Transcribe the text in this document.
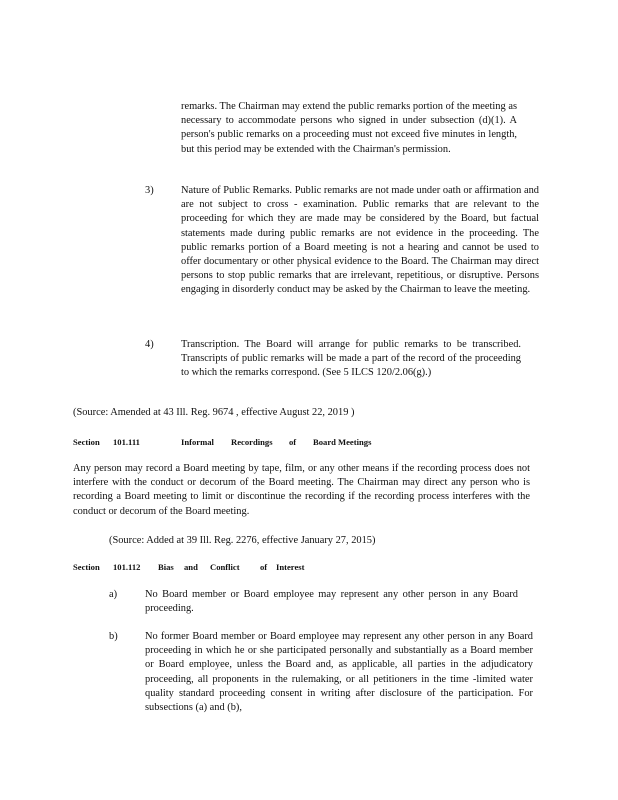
remarks. The Chairman may extend the public remarks portion of the meeting as necessary to accommodate persons who signed in under subsection (d)(1). A person's public remarks on a proceeding must not exceed five minutes in length, but this period may be extended with the Chairman's permission.
3)	Nature of Public Remarks. Public remarks are not made under oath or affirmation and are not subject to cross - examination. Public remarks that are relevant to the proceeding for which they are made may be considered by the Board, but factual statements made during public remarks are not evidence in the proceeding. The public remarks portion of a Board meeting is not a hearing and cannot be used to offer documentary or other physical evidence to the Board. The Chairman may direct persons to stop public remarks that are irrelevant, repetitious, or disruptive. Persons engaging in disorderly conduct may be asked by the Chairman to leave the meeting.
4)	Transcription. The Board will arrange for public remarks to be transcribed. Transcripts of public remarks will be made a part of the record of the proceeding to which the remarks correspond. (See 5 ILCS 120/2.06(g).)
(Source: Amended at 43 Ill. Reg. 9674 , effective August 22, 2019 )
Section	101.111	Informal	Recordings	of	Board Meetings
Any person may record a Board meeting by tape, film, or any other means if the recording process does not interfere with the conduct or decorum of the Board meeting. The Chairman may direct any person who is recording a Board meeting to limit or discontinue the recording if the recording process interferes with the conduct or decorum of the Board meeting.
(Source: Added at 39 Ill. Reg. 2276, effective January 27, 2015)
Section	101.112	Bias	and	Conflict	of	Interest
a)	No Board member or Board employee may represent any other person in any Board proceeding.
b)	No former Board member or Board employee may represent any other person in any Board proceeding in which he or she participated personally and substantially as a Board member or Board employee, unless the Board and, as applicable, all parties in the adjudicatory proceeding, all proponents in the rulemaking, or all petitioners in the time -limited water quality standard proceeding consent in writing after disclosure of the participation. For subsections (a) and (b),
